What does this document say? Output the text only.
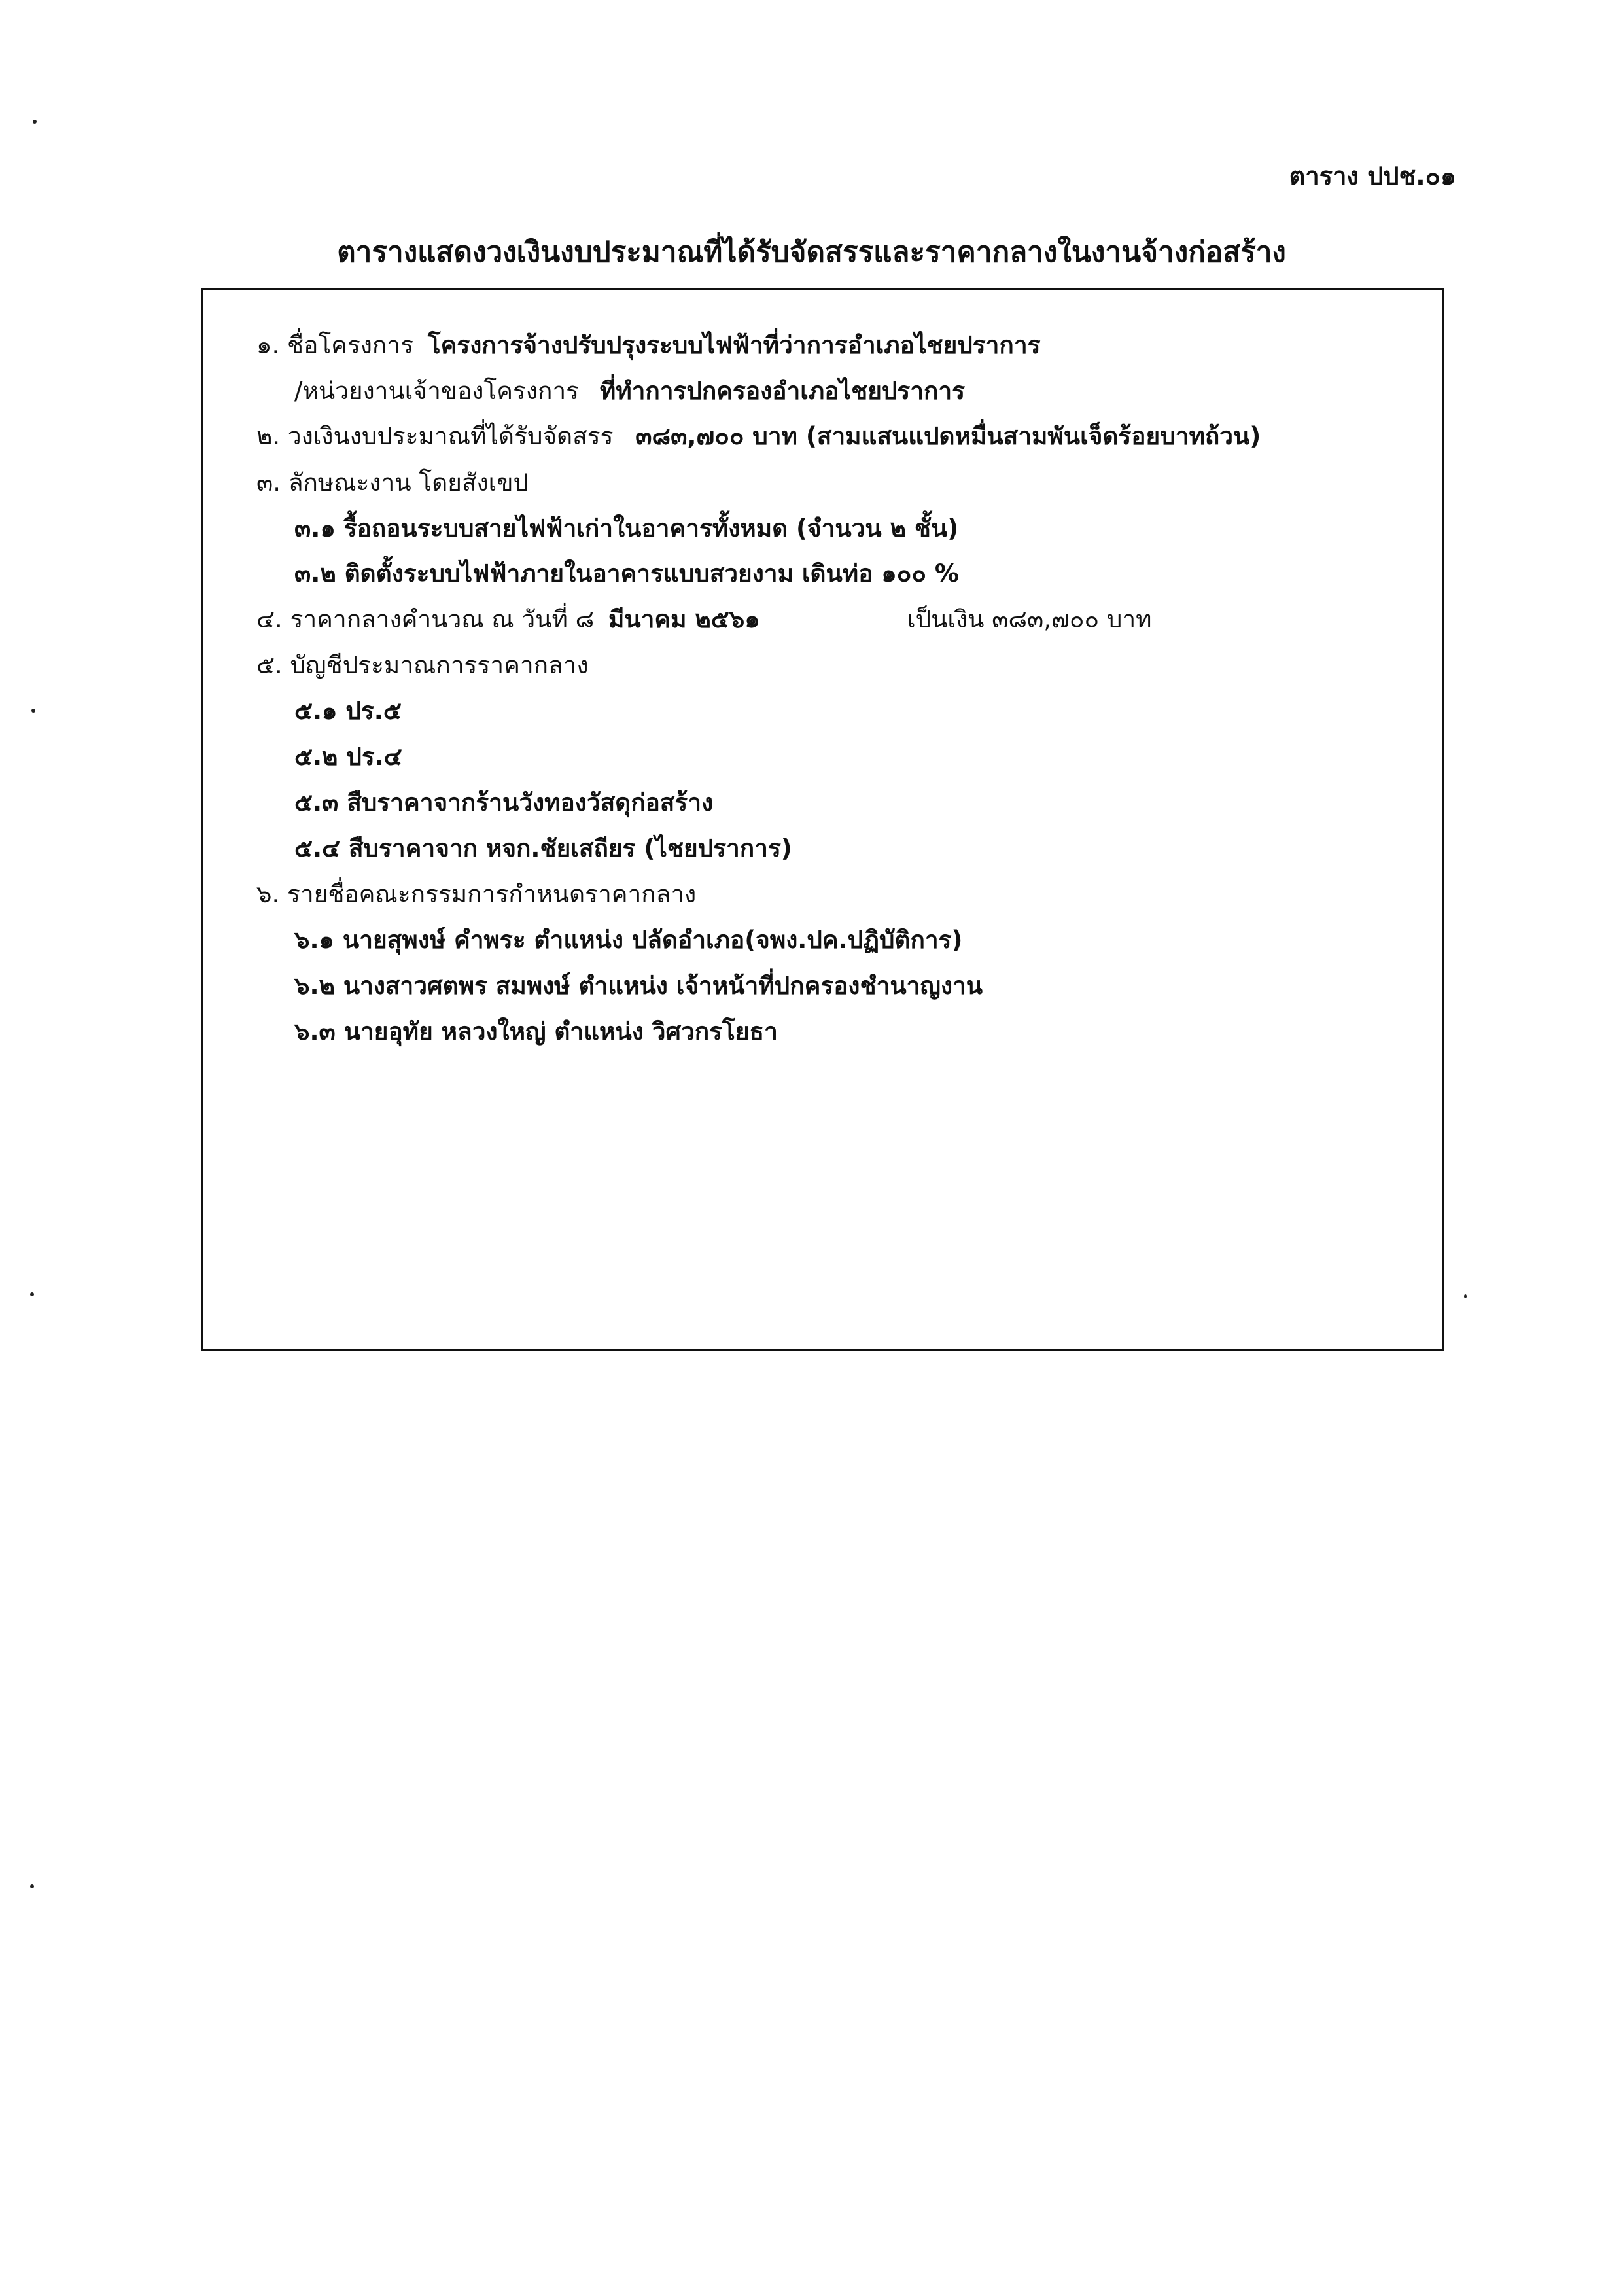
ตาราง ปปช.๐๑
ตารางแสดงวงเงินงบประมาณที่ได้รับจัดสรรและราคากลางในงานจ้างก่อสร้าง
๑. ชื่อโครงการ โครงการจ้างปรับปรุงระบบไฟฟ้าที่ว่าการอำเภอไชยปราการ
/หน่วยงานเจ้าของโครงการ ที่ทำการปกครองอำเภอไชยปราการ
๒. วงเงินงบประมาณที่ได้รับจัดสรร ๓๘๓,๗๐๐ บาท (สามแสนแปดหมื่นสามพันเจ็ดร้อยบาทถ้วน)
๓. ลักษณะงาน โดยสังเขป
๓.๑ รื้อถอนระบบสายไฟฟ้าเก่าในอาคารทั้งหมด (จำนวน ๒ ชั้น)
๓.๒ ติดตั้งระบบไฟฟ้าภายในอาคารแบบสวยงาม เดินท่อ ๑๐๐ %
๔. ราคากลางคำนวณ ณ วันที่ ๘ มีนาคม ๒๕๖๑	เป็นเงิน ๓๘๓,๗๐๐ บาท
๕. บัญชีประมาณการราคากลาง
๕.๑ ปร.๕
๕.๒ ปร.๔
๕.๓ สืบราคาจากร้านวังทองวัสดุก่อสร้าง
๕.๔ สืบราคาจาก หจก.ชัยเสถียร (ไชยปราการ)
๖. รายชื่อคณะกรรมการกำหนดราคากลาง
๖.๑ นายสุพงษ์ คำพระ ตำแหน่ง ปลัดอำเภอ(จพง.ปค.ปฏิบัติการ)
๖.๒ นางสาวศตพร สมพงษ์ ตำแหน่ง เจ้าหน้าที่ปกครองชำนาญงาน
๖.๓ นายอุทัย หลวงใหญ่ ตำแหน่ง วิศวกรโยธา
